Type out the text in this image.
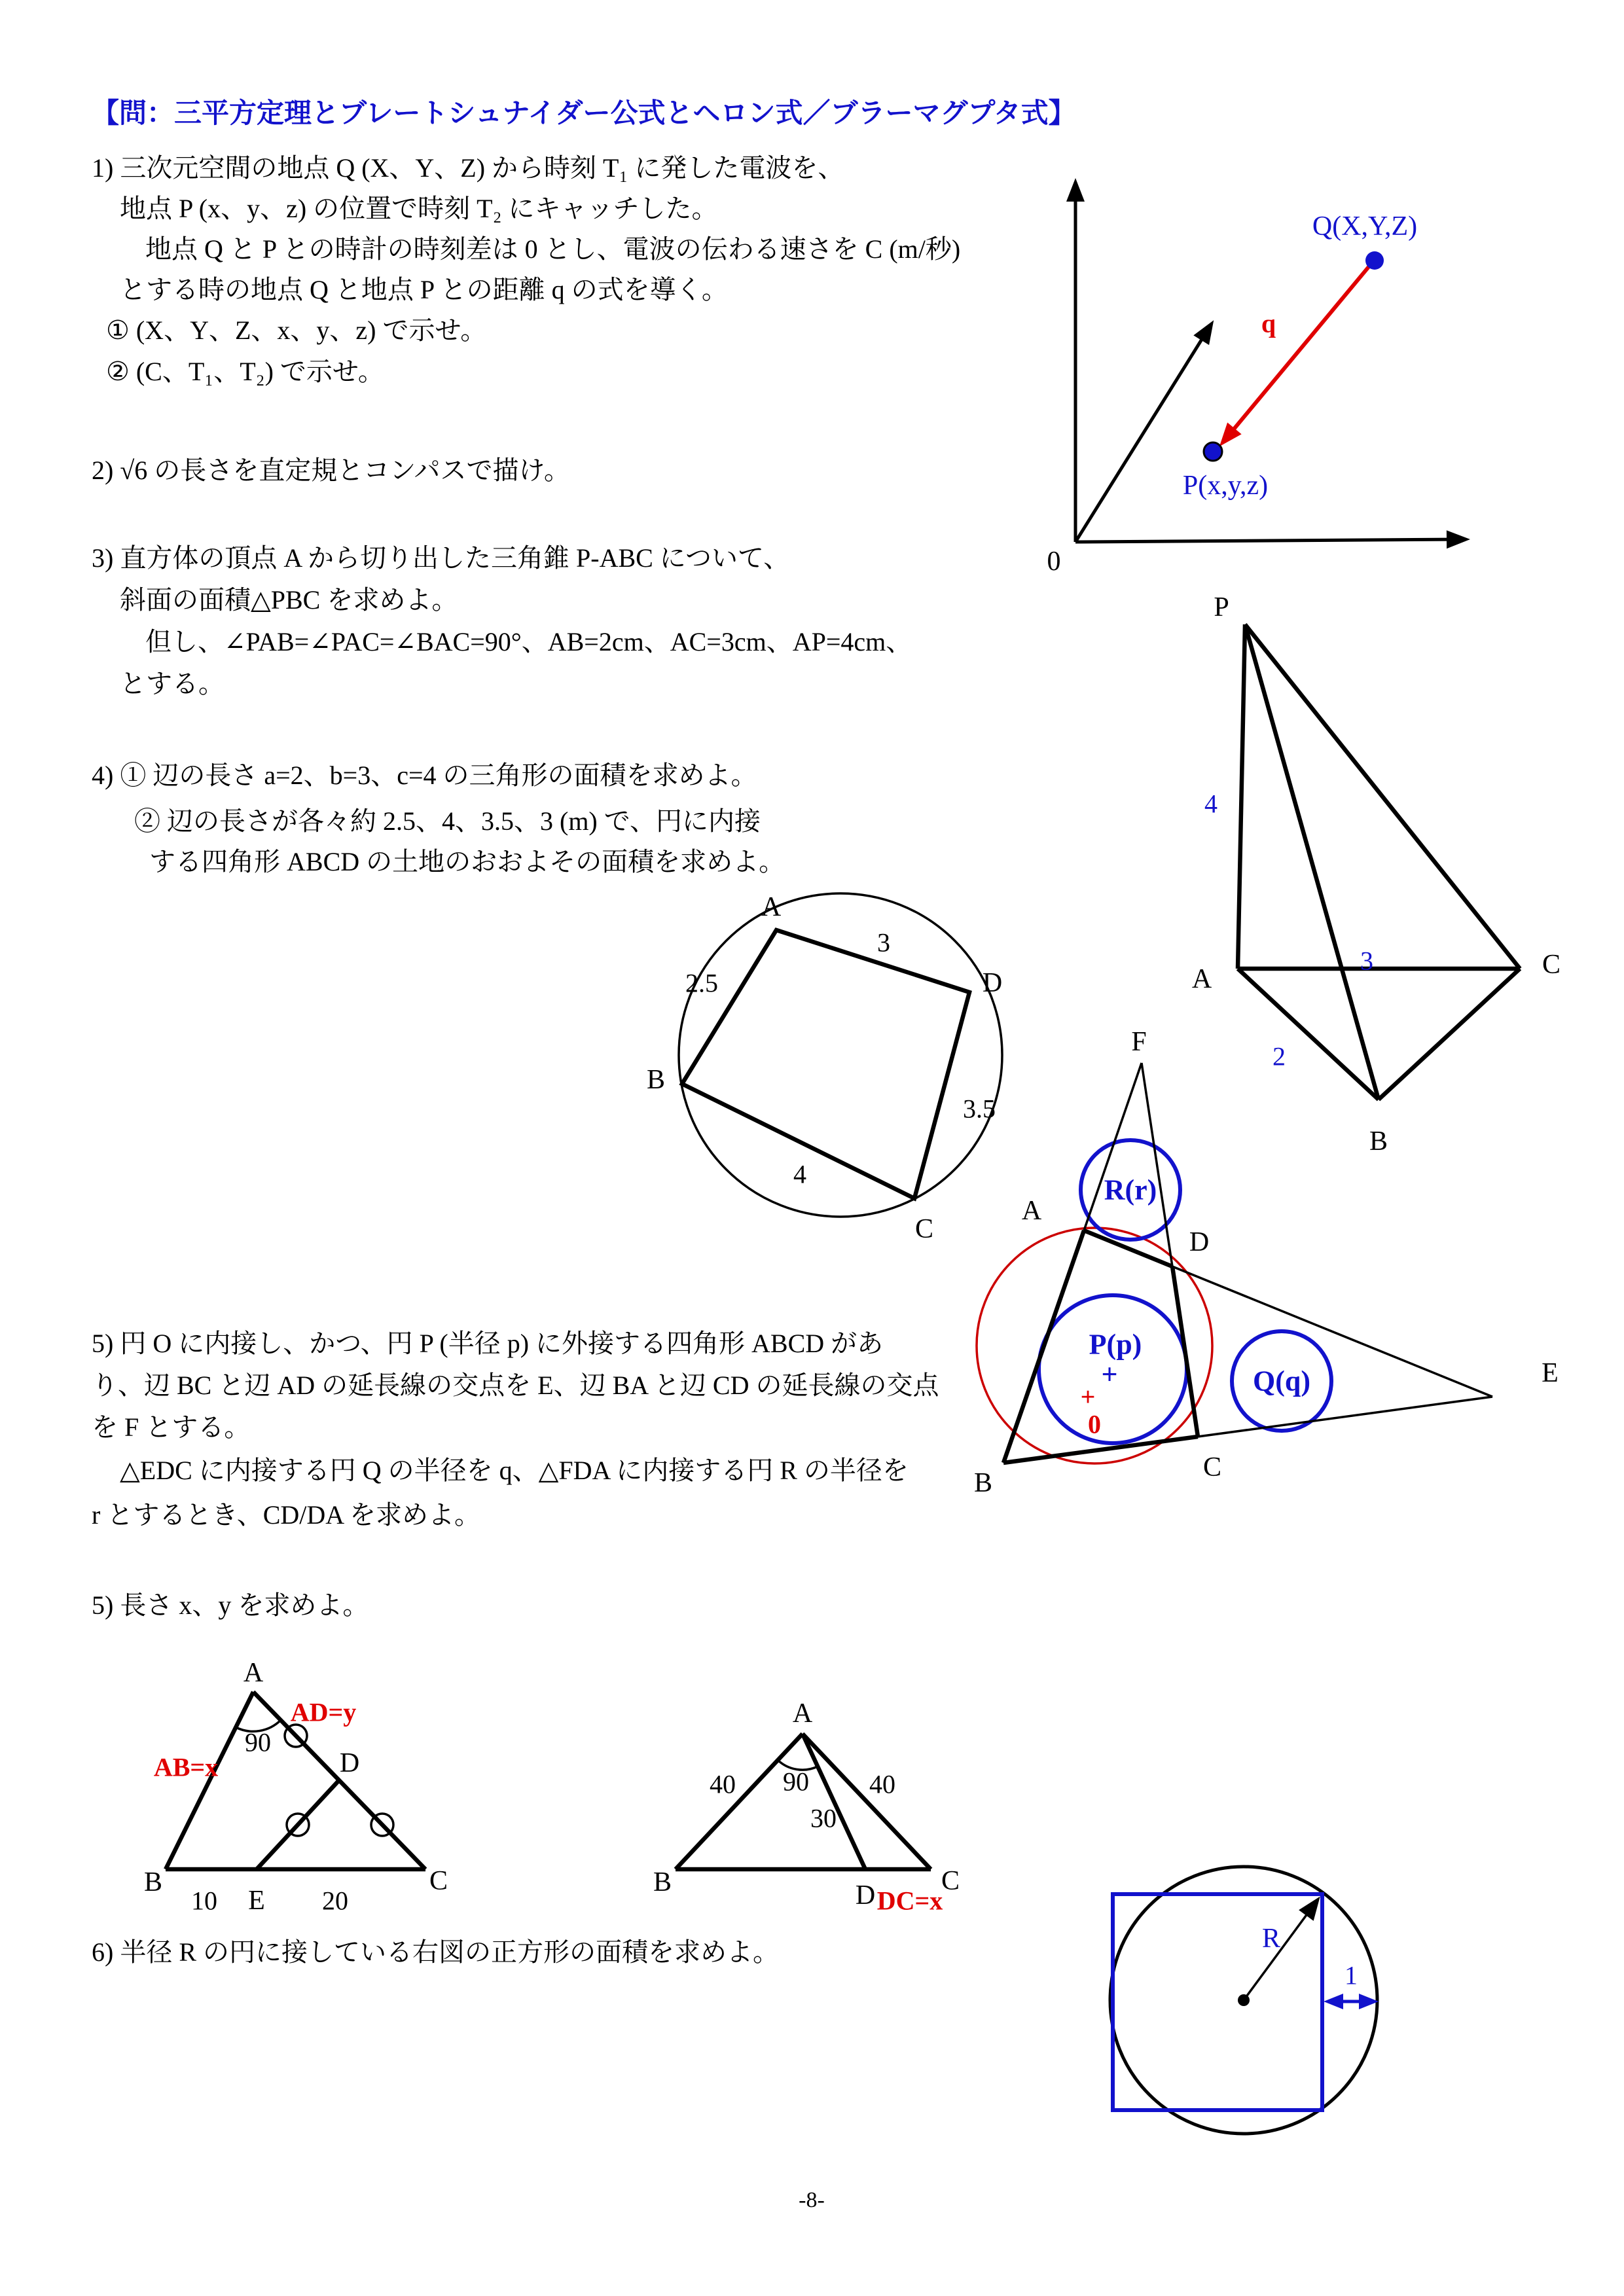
Q(X,Y,Z)
P(x,y,z)
q
0
P
A
B
C
4
3
2
A
D
B
C
3
2.5
3.5
4
F
A
B
C
D
E
R(r)
P(p)
+
+
0
Q(q)
A
B	C
D
E
90
10	20
AB=x
AD=y	A
B	C
D
90
30
40	40
DC=x
R
1
【問：三平方定理とブレートシュナイダー公式とヘロン式／ブラーマグプタ式】
1) 三次元空間の地点 Q (X、Y、Z) から時刻 T₁ に発した電波を、
地点 P (x、y、z) の位置で時刻 T₂ にキャッチした。
地点 Q と P との時計の時刻差は 0 とし、電波の伝わる速さを C (m/秒)
とする時の地点 Q と地点 P との距離 q の式を導く。
① (X、Y、Z、x、y、z) で示せ。
② (C、T₁、T₂) で示せ。
2) √6 の長さを直定規とコンパスで描け。
3) 直方体の頂点 A から切り出した三角錐 P-ABC について、
斜面の面積△PBC を求めよ。
但し、∠PAB=∠PAC=∠BAC=90°、AB=2cm、AC=3cm、AP=4cm、
とする。
4) ① 辺の長さ a=2、b=3、c=4 の三角形の面積を求めよ。
② 辺の長さが各々約 2.5、4、3.5、3 (m) で、円に内接
する四角形 ABCD の土地のおおよその面積を求めよ。
5) 円 O に内接し、かつ、円 P (半径 p) に外接する四角形 ABCD があ
り、辺 BC と辺 AD の延長線の交点を E、辺 BA と辺 CD の延長線の交点
を F とする。
△EDC に内接する円 Q の半径を q、△FDA に内接する円 R の半径を
r とするとき、CD/DA を求めよ。
5) 長さ x、y を求めよ。
6) 半径 R の円に接している右図の正方形の面積を求めよ。
-8-
